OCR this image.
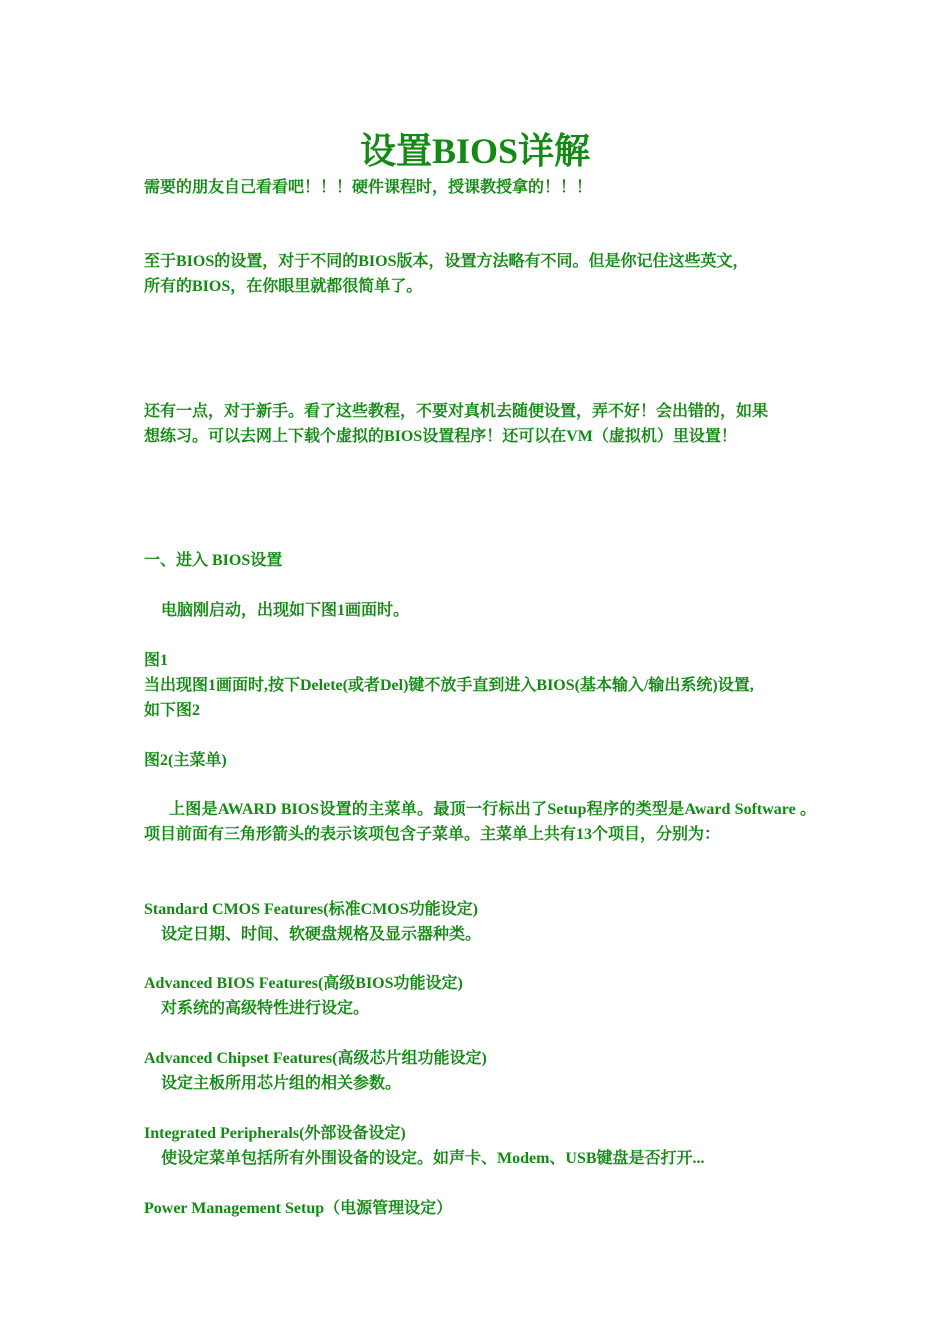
设置BIOS详解

需要的朋友自己看看吧！！！硬件课程时，授课教授拿的！！！

至于BIOS的设置，对于不同的BIOS版本，设置方法略有不同。但是你记住这些英文，
所有的BIOS，在你眼里就都很简单了。
还有一点，对于新手。看了这些教程，不要对真机去随便设置，弄不好！会出错的，如果
想练习。可以去网上下载个虚拟的BIOS设置程序！还可以在VM（虚拟机）里设置！

一、进入 BIOS设置

电脑刚启动，出现如下图1画面时。

图1

当出现图1画面时,按下Delete(或者Del)键不放手直到进入BIOS(基本输入/输出系统)设置,
如下图2

图2(主菜单)

上图是AWARD BIOS设置的主菜单。最顶一行标出了Setup程序的类型是Award Software 。项目前面有三角形箭头的表示该项包含子菜单。主菜单上共有13个项目，分别为：

Standard CMOS Features(标准CMOS功能设定)
设定日期、时间、软硬盘规格及显示器种类。
Advanced BIOS Features(高级BIOS功能设定)
对系统的高级特性进行设定。
Advanced Chipset Features(高级芯片组功能设定)
设定主板所用芯片组的相关参数。
Integrated Peripherals(外部设备设定)
使设定菜单包括所有外围设备的设定。如声卡、Modem、USB键盘是否打开...
Power Management Setup（电源管理设定）
